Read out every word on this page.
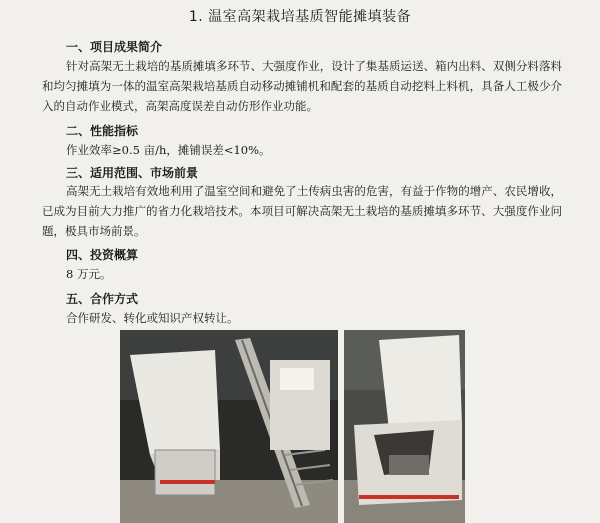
1. 温室高架栽培基质智能摊填装备
一、项目成果简介
针对高架无土栽培的基质摊填多环节、大强度作业，设计了集基质运送、箱内出料、双侧分料落料和均匀摊填为一体的温室高架栽培基质自动移动摊铺机和配套的基质自动挖料上料机，具备人工极少介入的自动作业模式，高架高度误差自动仿形作业功能。
二、性能指标
作业效率≥0.5 亩/h，摊铺误差<10%。
三、适用范围、市场前景
高架无土栽培有效地利用了温室空间和避免了土传病虫害的危害，有益于作物的增产、农民增收，已成为目前大力推广的省力化栽培技术。本项目可解决高架无土栽培的基质摊填多环节、大强度作业问题，极具市场前景。
四、投资概算
8 万元。
五、合作方式
合作研发、转化或知识产权转让。
